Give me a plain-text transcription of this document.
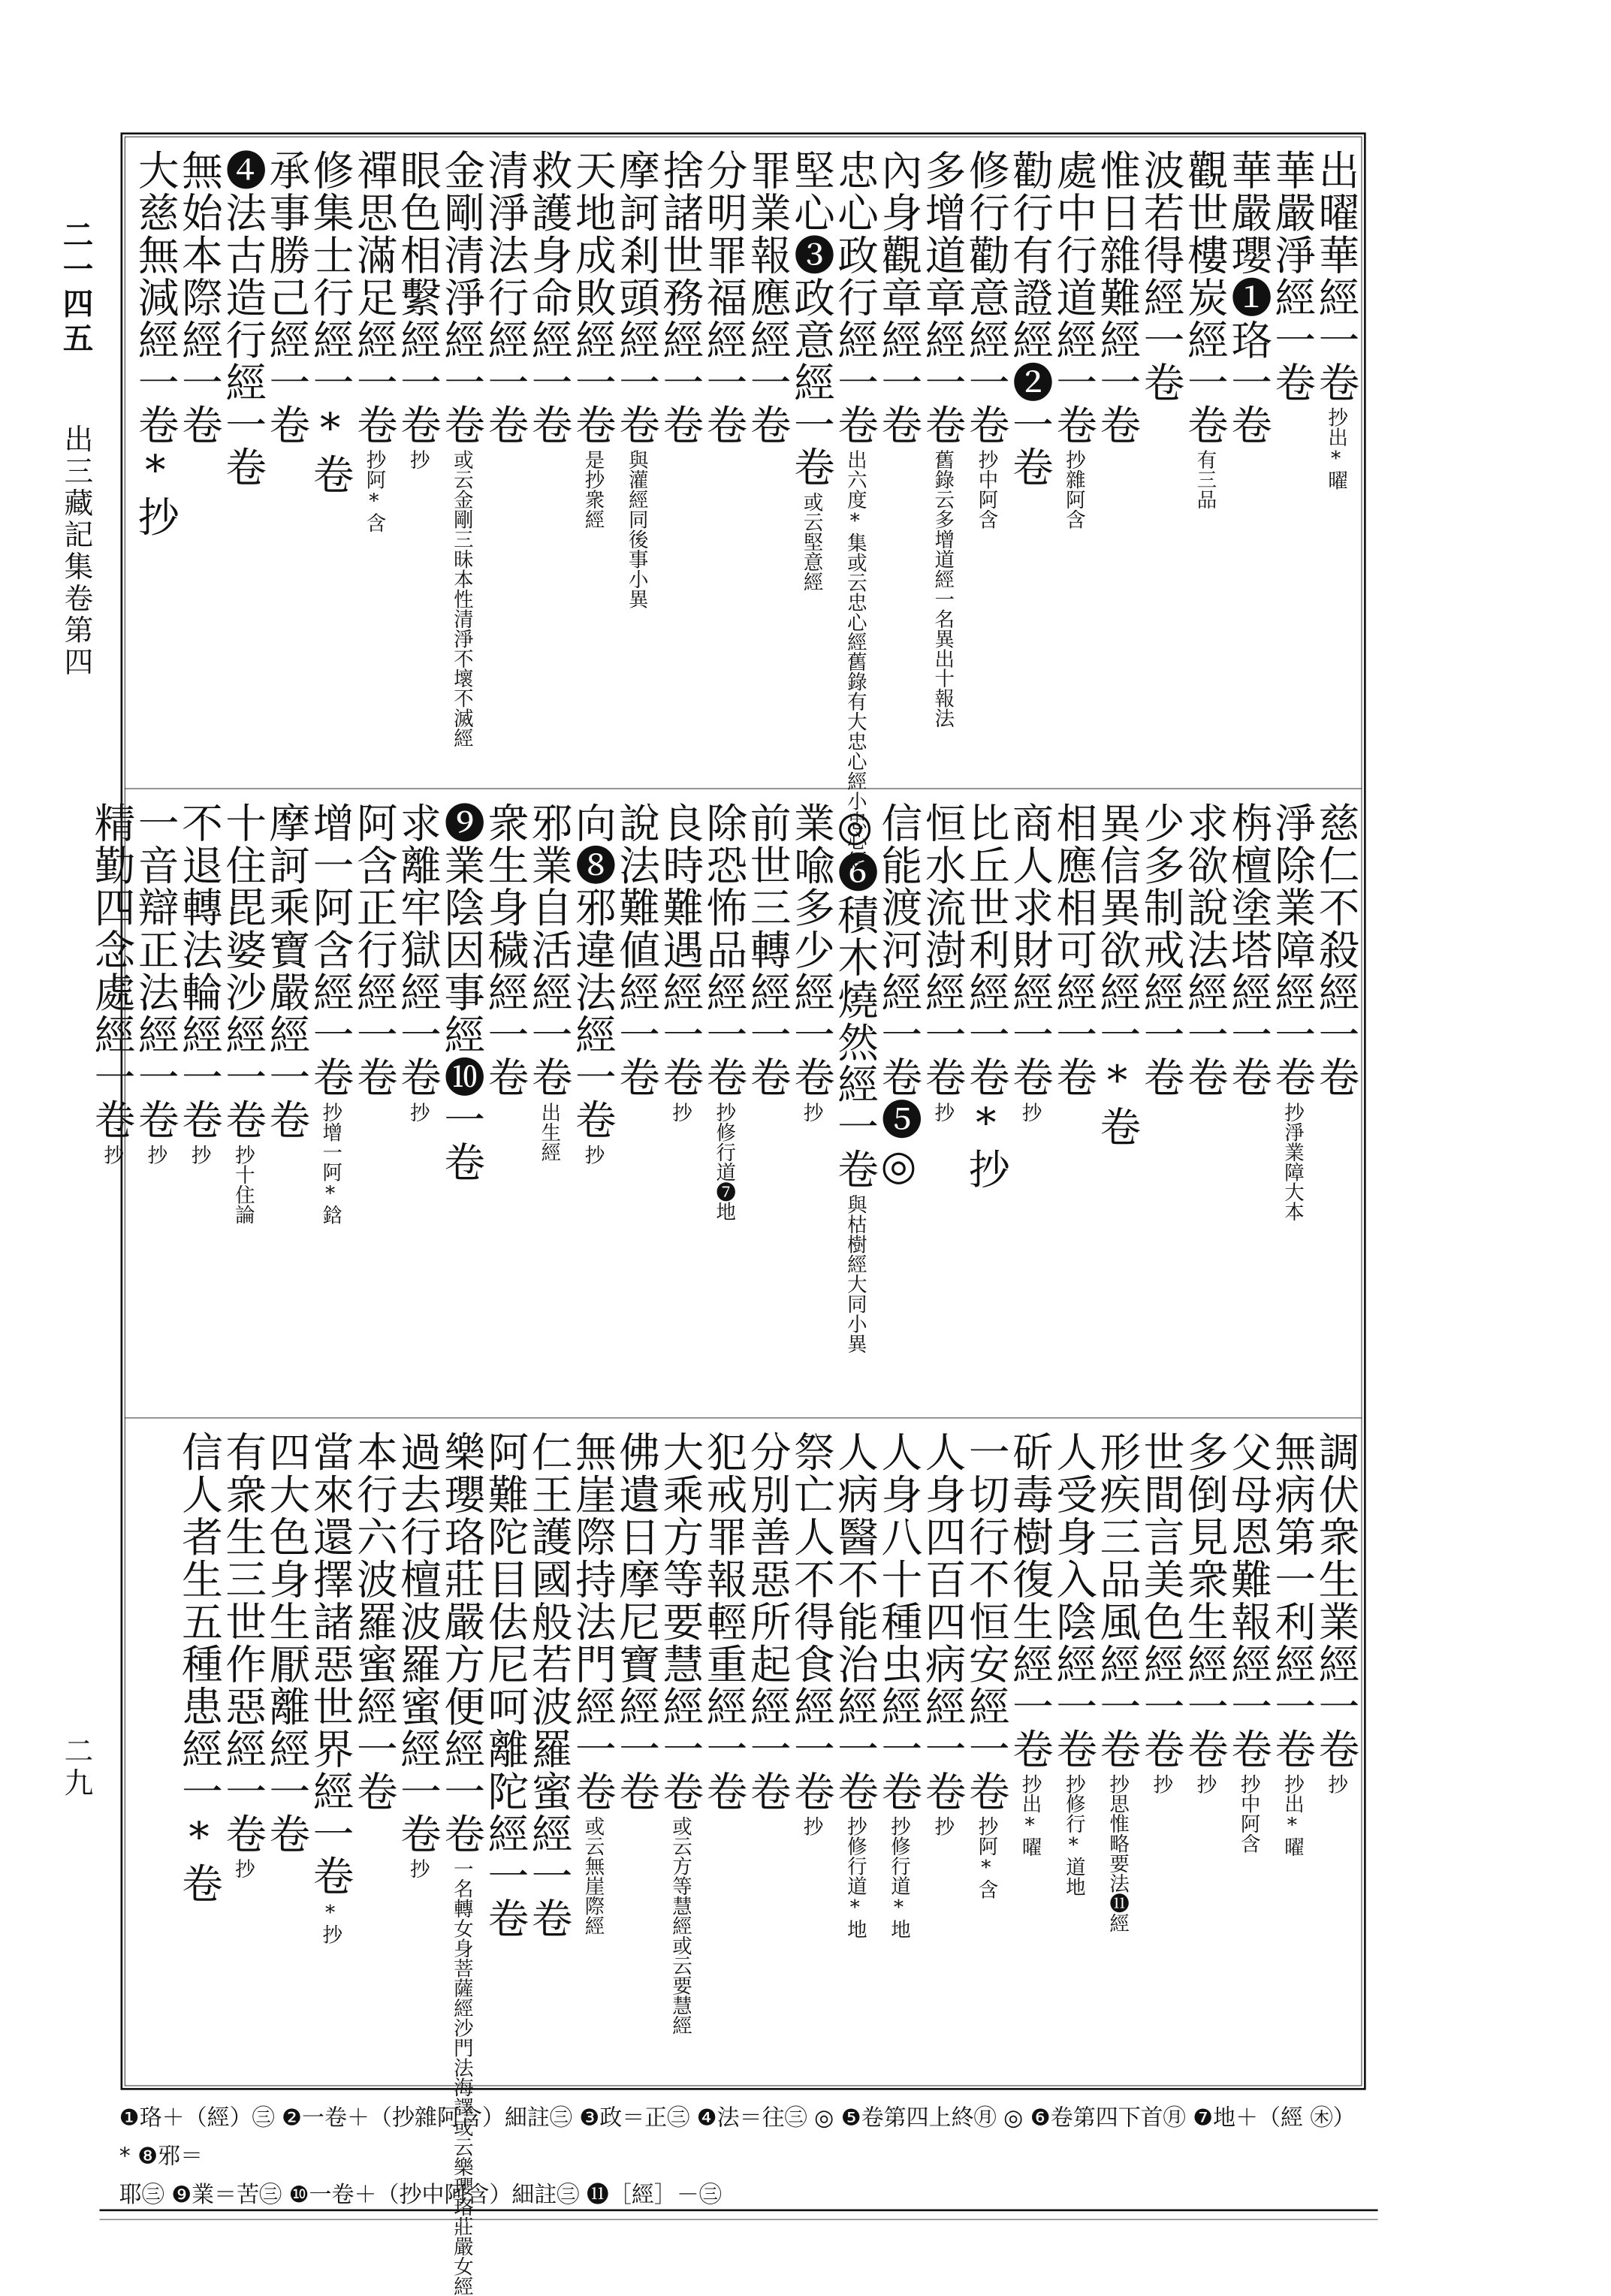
二一四五
出三藏記集卷第四
二九
出曜華經一卷抄出*曜
華嚴淨經一卷
華嚴瓔❶珞一卷
觀世樓炭經一卷有三品
波若得經一卷
惟日雜難經一卷
處中行道經一卷抄雜阿含
勸行有證經❷一卷
修行勸意經一卷抄中阿含
多增道章經一卷舊錄云多增道經一名異出十報法
內身觀章經一卷
忠心政行經一卷出六度*集或云忠心經舊錄有大忠心經小忠心經
堅心❸政意經一卷或云堅意經
罪業報應經一卷
分明罪福經一卷
捨諸世務經一卷
摩訶剎頭經一卷與灌經同後事小異
天地成敗經一卷是抄衆經
救護身命經一卷
清淨法行經一卷
金剛清淨經一卷或云金剛三昧本性清淨不壞不滅經
眼色相繫經一卷抄
禪思滿足經一卷抄阿*含
修集士行經一*卷
承事勝己經一卷
❹法古造行經一卷
無始本際經一卷
大慈無減經一卷*抄
慈仁不殺經一卷
淨除業障經一卷抄淨業障大本
栴檀塗塔經一卷
求欲說法經一卷
少多制戒經一卷
異信異欲經一*卷
相應相可經一卷
商人求財經一卷抄
比丘世利經一卷*抄
恒水流澍經一卷抄
信能渡河經一卷❺◎
◎❻積木燒然經一卷與枯樹經大同小異
業喩多少經一卷抄
前世三轉經一卷
除恐怖品經一卷抄修行道❼地
良時難遇經一卷抄
說法難値經一卷
向❽邪違法經一卷抄
邪業自活經一卷出生經
衆生身穢經一卷
❾業陰因事經❿一卷
求離牢獄經一卷抄
阿含正行經一卷
增一阿含經一卷抄增一阿*鋡
摩訶乘寶嚴經一卷
十住毘婆沙經一卷抄十住論
不退轉法輪經一卷抄
一音辯正法經一卷抄
精勤四念處經一卷抄
調伏衆生業經一卷抄
無病第一利經一卷抄出*曜
父母恩難報經一卷抄中阿含
多倒見衆生經一卷抄
世間言美色經一卷抄
形疾三品風經一卷抄思惟略要法⓫經
人受身入陰經一卷抄修行*道地
斫毒樹復生經一卷抄出*曜
一切行不恒安經一卷抄阿*含
人身四百四病經一卷抄
人身八十種虫經一卷抄修行道*地
人病醫不能治經一卷抄修行道*地
祭亡人不得食經一卷抄
分別善惡所起經一卷
犯戒罪報輕重經一卷
大乘方等要慧經一卷或云方等慧經或云要慧經
佛遺日摩尼寶經一卷
無崖際持法門經一卷或云無崖際經
仁王護國般若波羅蜜經一卷
阿難陀目佉尼呵離陀經一卷
樂瓔珞莊嚴方便經一卷一名轉女身菩薩經沙門法海譯或云樂瓔珞莊嚴女經
過去行檀波羅蜜經一卷抄
本行六波羅蜜經一卷
當來還擇諸惡世界經一卷*抄
四大色身生厭離經一卷
有衆生三世作惡經一卷抄
信人者生五種患經一*卷
❶珞＋（經）㊂ ❷一卷＋（抄雜阿含）細註㊂ ❸政＝正㊂ ❹法＝往㊂ ◎ ❺卷第四上終㊊ ◎ ❻卷第四下首㊊ ❼地＋（經 ㊍）* ❽邪＝
耶㊂ ❾業＝苦㊂ ❿一卷＋（抄中阿含）細註㊂ ⓫［經］－㊂
